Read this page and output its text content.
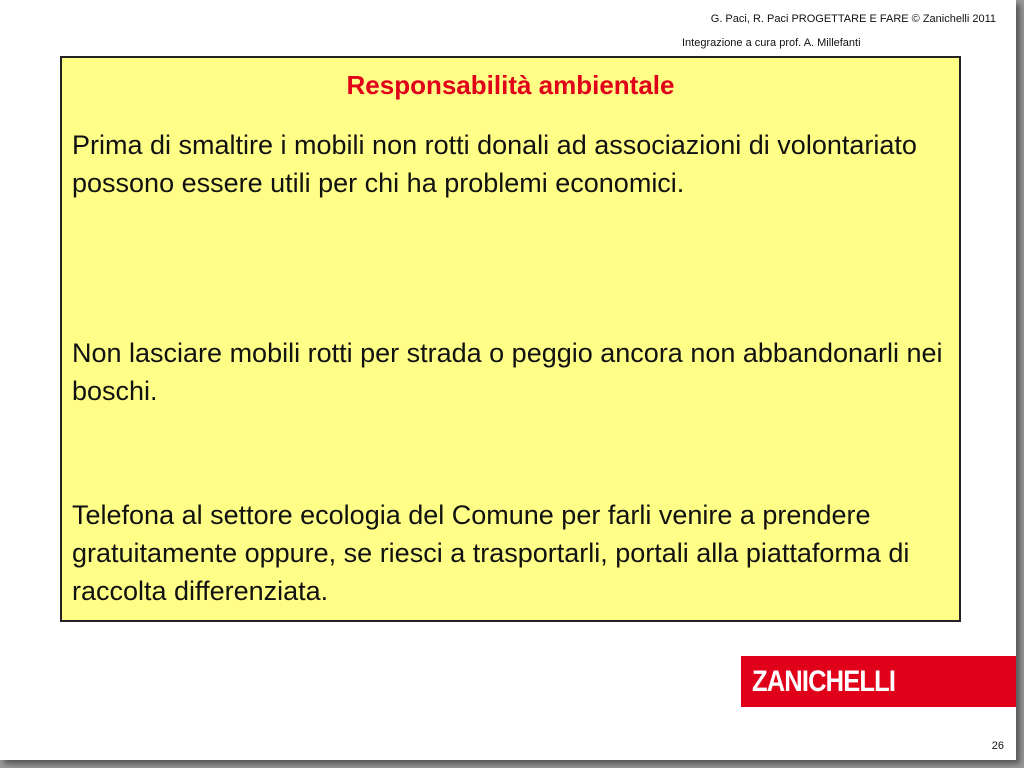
G. Paci, R. Paci PROGETTARE E FARE © Zanichelli 2011
Integrazione a cura prof. A. Millefanti
Responsabilità ambientale
Prima di smaltire i mobili non rotti donali ad associazioni di volontariato possono essere utili per chi ha problemi economici.
Non lasciare mobili rotti per strada o peggio ancora non abbandonarli nei boschi.
Telefona al settore ecologia del Comune per farli venire a prendere gratuitamente oppure, se riesci a trasportarli, portali alla piattaforma di raccolta differenziata.
ZANICHELLI
26
